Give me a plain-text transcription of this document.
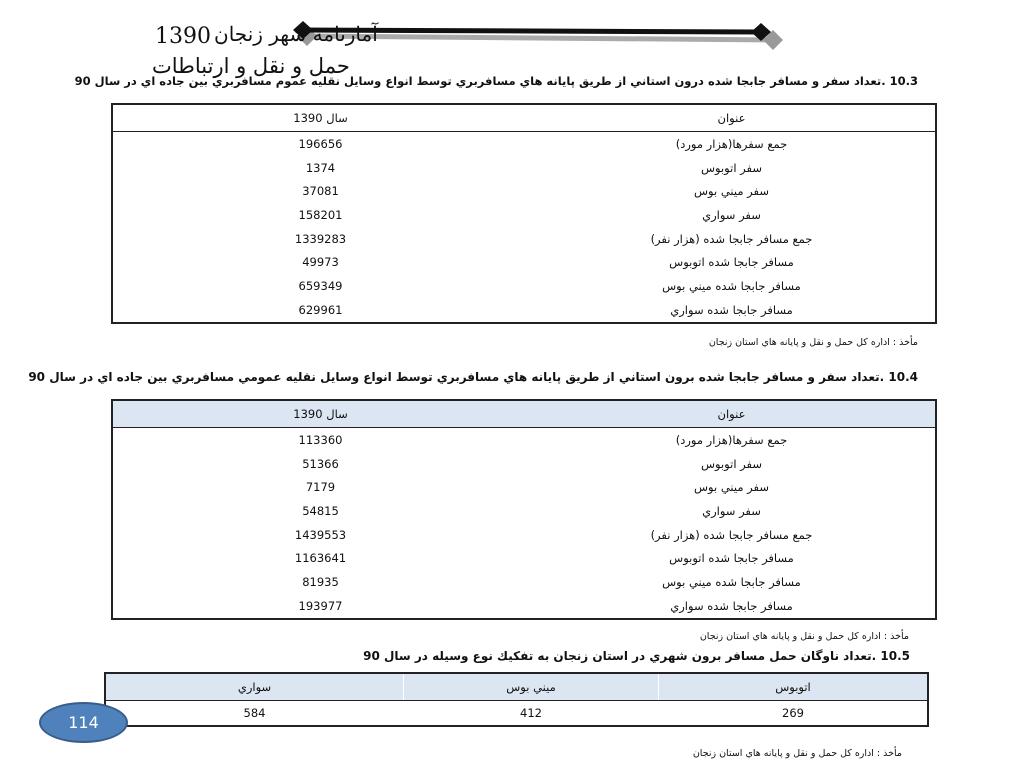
1390 آمارنامه شهر زنجان
حمل و نقل و ارتباطات
10.3 .تعداد سفر و مسافر جابجا شده درون استاني از طريق پايانه هاي مسافربري توسط انواع وسايل نقليه عموم مسافربري بين جاده اي در سال 90
سال 1390	عنوان
196656	جمع سفرها(هزار مورد)
1374	سفر اتوبوس
37081	سفر ميني بوس
158201	سفر سواري
1339283	جمع مسافر جابجا شده (هزار نفر)
49973	مسافر جابجا شده اتوبوس
659349	مسافر جابجا شده ميني بوس
629961	مسافر جابجا شده سواري
مأخذ : اداره كل حمل و نقل و پايانه هاي استان زنجان
10.4 .تعداد سفر و مسافر جابجا شده برون استاني از طريق پايانه هاي مسافربري توسط انواع وسايل نقليه عمومي مسافربري بين جاده اي در سال 90
سال 1390	عنوان
113360	جمع سفرها(هزار مورد)
51366	سفر اتوبوس
7179	سفر ميني بوس
54815	سفر سواري
1439553	جمع مسافر جابجا شده (هزار نفر)
1163641	مسافر جابجا شده اتوبوس
81935	مسافر جابجا شده ميني بوس
193977	مسافر جابجا شده سواري
مأخذ : اداره كل حمل و نقل و پايانه هاي استان زنجان
10.5 .تعداد ناوگان حمل مسافر برون شهري در استان زنجان به تفكيك نوع وسيله در سال 90
سواري	ميني بوس	اتوبوس
584	412	269
مأخذ : اداره كل حمل و نقل و پايانه هاي استان زنجان
114
